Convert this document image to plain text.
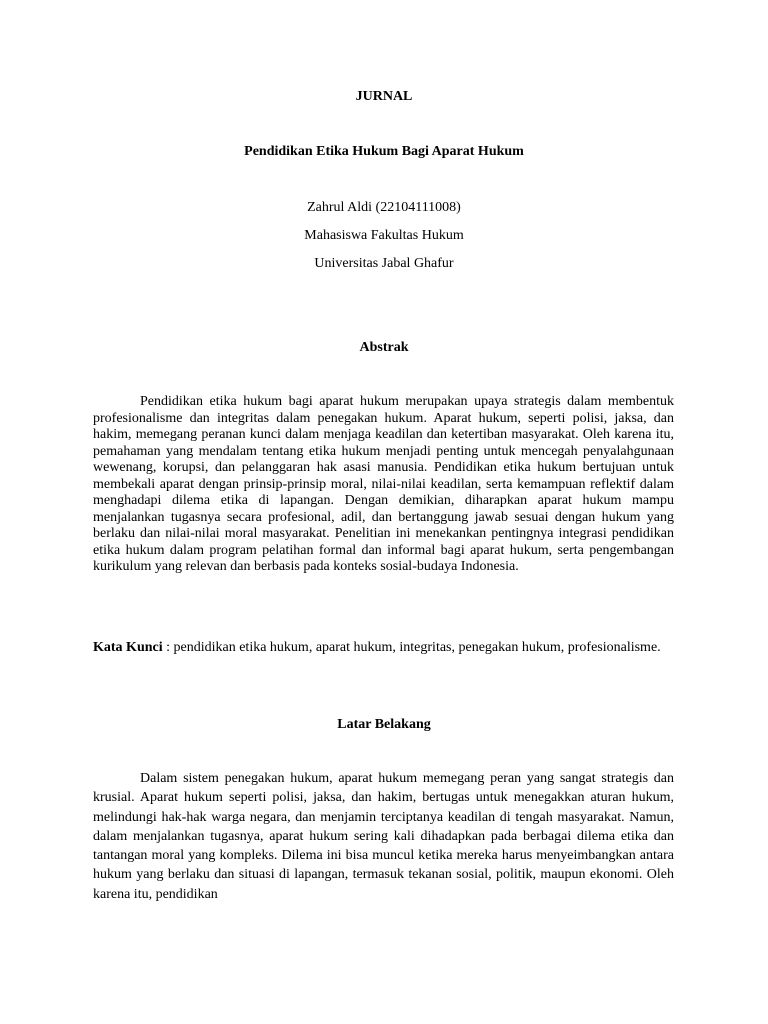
JURNAL

Pendidikan Etika Hukum Bagi Aparat Hukum

Zahrul Aldi (22104111008)

Mahasiswa Fakultas Hukum

Universitas Jabal Ghafur

Abstrak

Pendidikan etika hukum bagi aparat hukum merupakan upaya strategis dalam membentuk profesionalisme dan integritas dalam penegakan hukum. Aparat hukum, seperti polisi, jaksa, dan hakim, memegang peranan kunci dalam menjaga keadilan dan ketertiban masyarakat. Oleh karena itu, pemahaman yang mendalam tentang etika hukum menjadi penting untuk mencegah penyalahgunaan wewenang, korupsi, dan pelanggaran hak asasi manusia. Pendidikan etika hukum bertujuan untuk membekali aparat dengan prinsip-prinsip moral, nilai-nilai keadilan, serta kemampuan reflektif dalam menghadapi dilema etika di lapangan. Dengan demikian, diharapkan aparat hukum mampu menjalankan tugasnya secara profesional, adil, dan bertanggung jawab sesuai dengan hukum yang berlaku dan nilai-nilai moral masyarakat. Penelitian ini menekankan pentingnya integrasi pendidikan etika hukum dalam program pelatihan formal dan informal bagi aparat hukum, serta pengembangan kurikulum yang relevan dan berbasis pada konteks sosial-budaya Indonesia.

Kata Kunci : pendidikan etika hukum, aparat hukum, integritas, penegakan hukum, profesionalisme.

Latar Belakang

Dalam sistem penegakan hukum, aparat hukum memegang peran yang sangat strategis dan krusial. Aparat hukum seperti polisi, jaksa, dan hakim, bertugas untuk menegakkan aturan hukum, melindungi hak-hak warga negara, dan menjamin terciptanya keadilan di tengah masyarakat. Namun, dalam menjalankan tugasnya, aparat hukum sering kali dihadapkan pada berbagai dilema etika dan tantangan moral yang kompleks. Dilema ini bisa muncul ketika mereka harus menyeimbangkan antara hukum yang berlaku dan situasi di lapangan, termasuk tekanan sosial, politik, maupun ekonomi. Oleh karena itu, pendidikan
